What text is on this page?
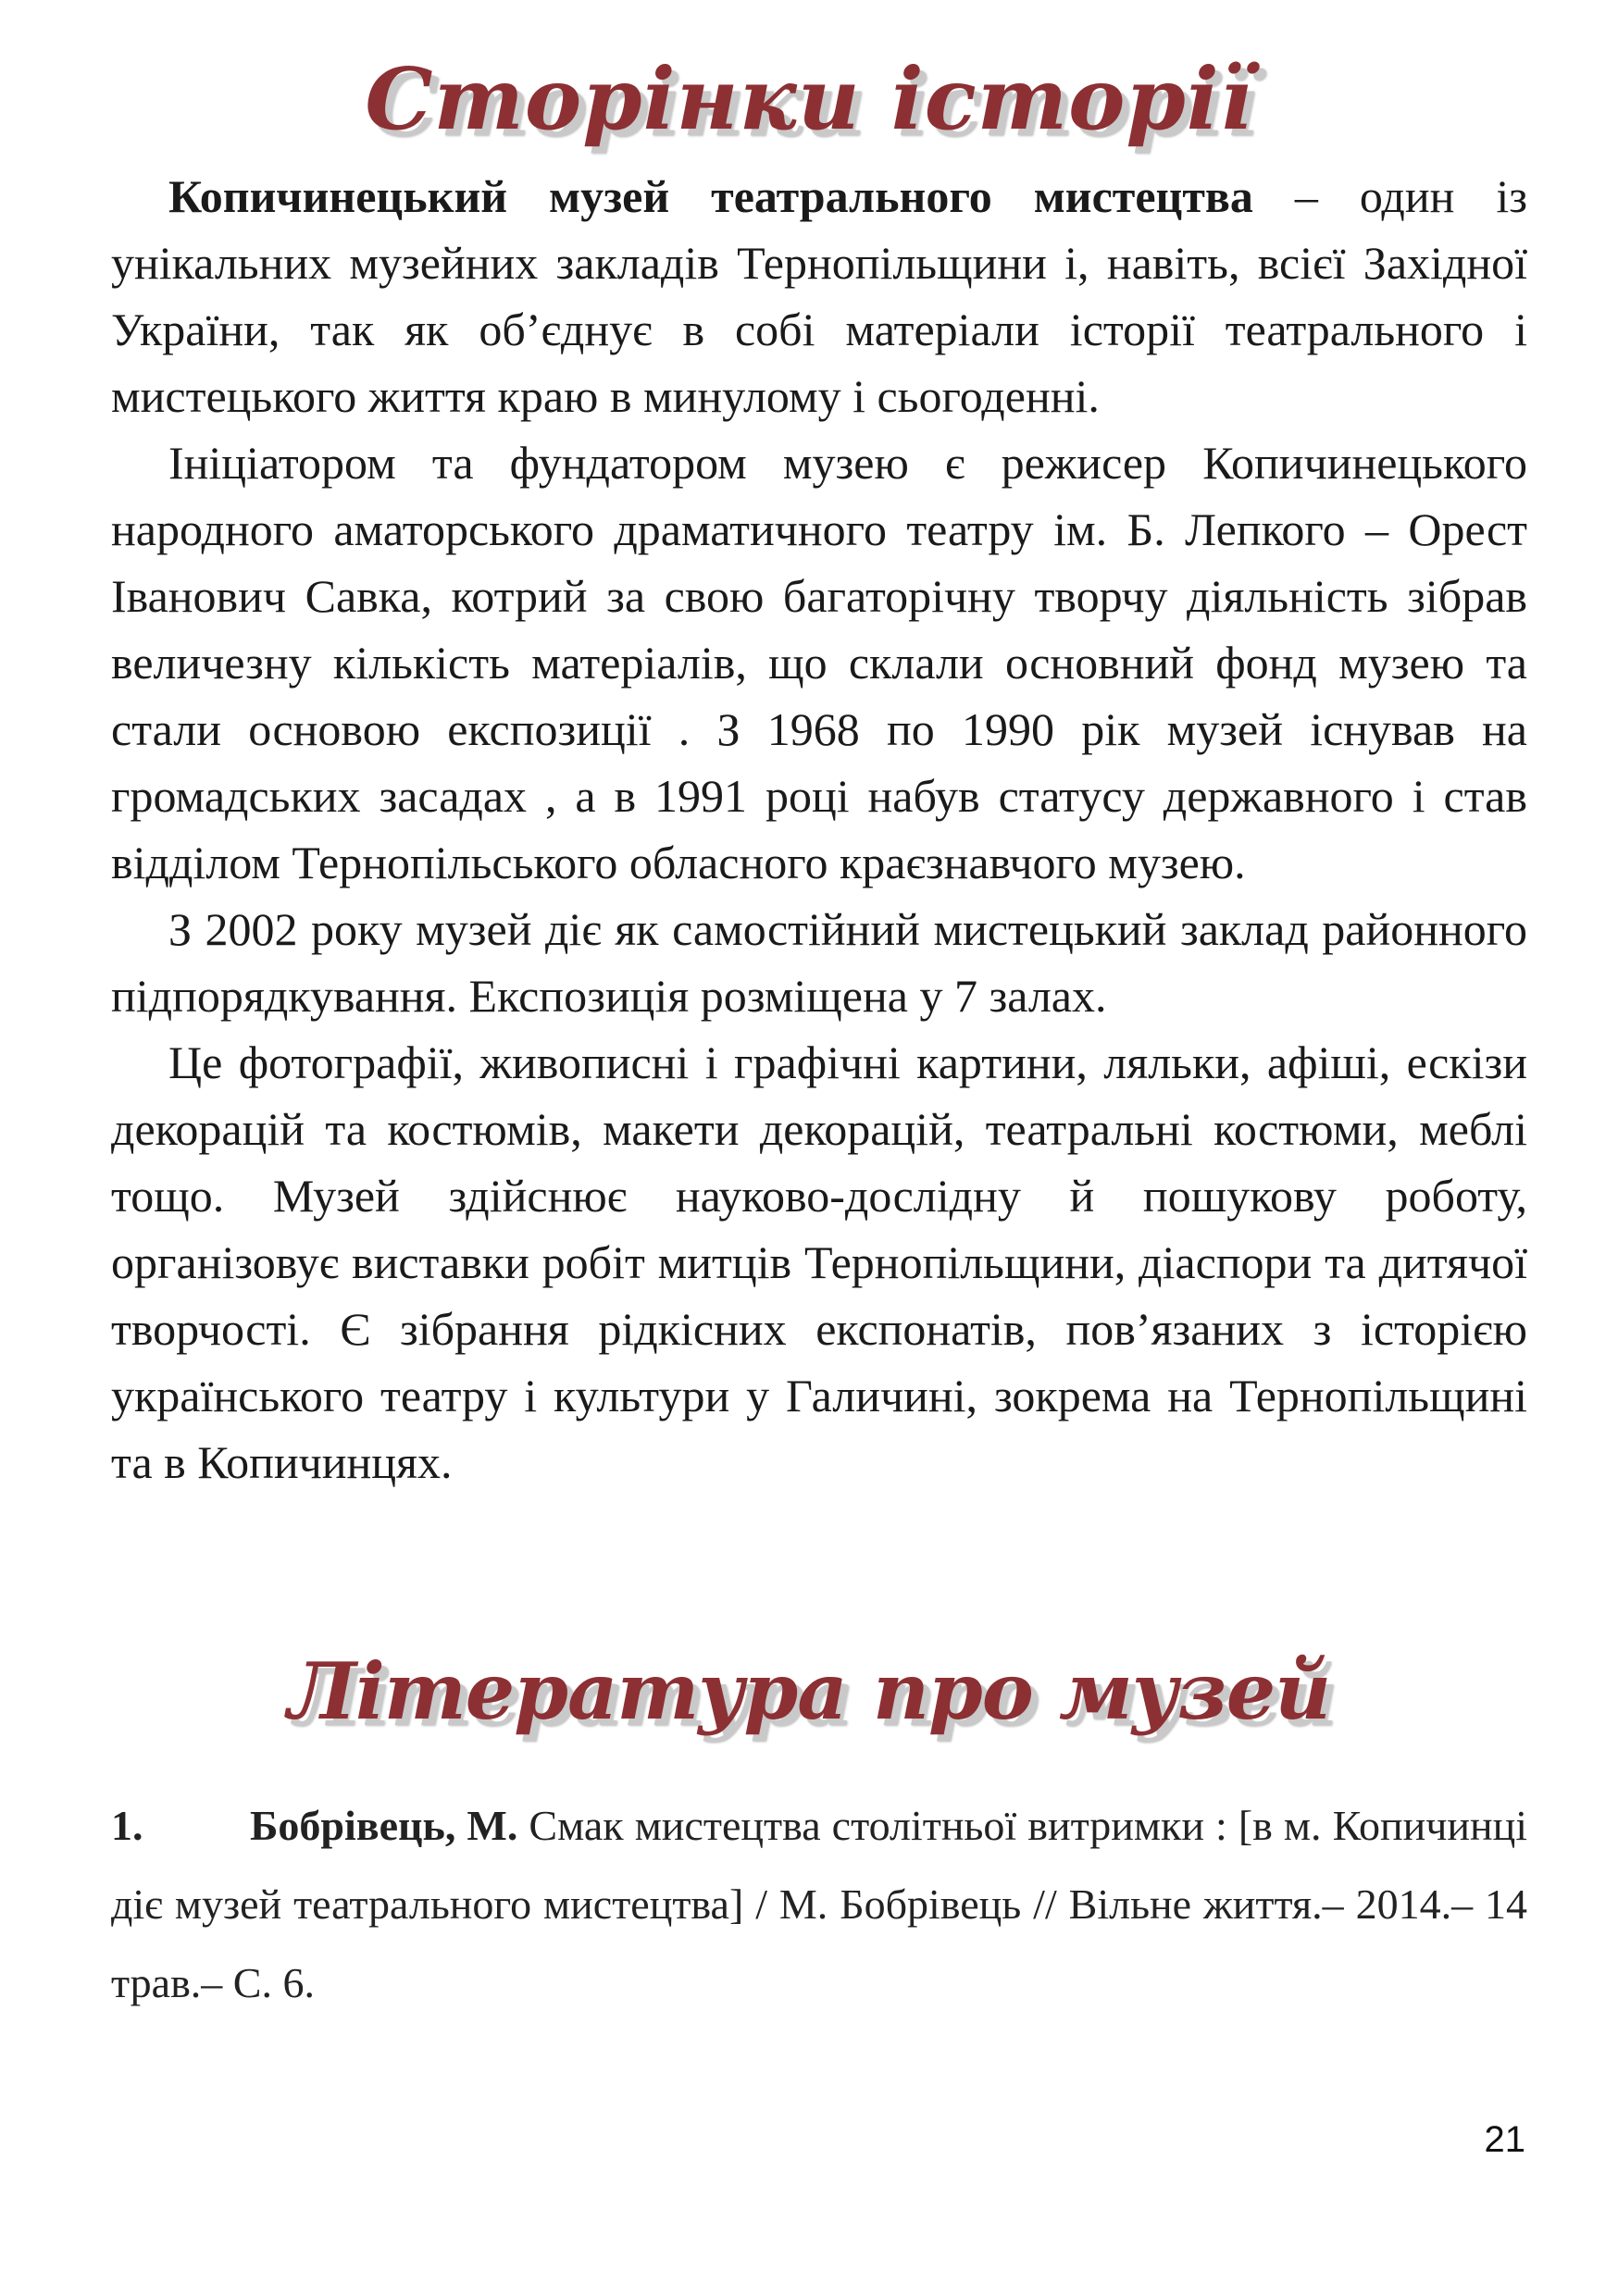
Сторінки історії

Копичинецький музей театрального мистецтва – один із унікальних музейних закладів Тернопільщини і, навіть, всієї Західної України, так як об’єднує в собі матеріали історії театрального і мистецького життя краю в минулому і сьогоденні.

Ініціатором та фундатором музею є режисер Копичинецького народного аматорського драматичного театру ім. Б. Лепкого – Орест Іванович Савка, котрий за свою багаторічну творчу діяльність зібрав величезну кількість матеріалів, що склали основний фонд музею та стали основою експозиції . З 1968 по 1990 рік музей існував на громадських засадах , а в 1991 році набув статусу державного і став відділом Тернопільського обласного краєзнавчого музею.

З 2002 року музей діє як самостійний мистецький заклад районного підпорядкування. Експозиція розміщена у 7 залах.

Це фотографії, живописні і графічні картини, ляльки, афіші, ескізи декорацій та костюмів, макети декорацій, театральні костюми, меблі тощо. Музей здійснює науково-дослідну й пошукову роботу, організовує виставки робіт митців Тернопільщини, діаспори та дитячої творчості. Є зібрання рідкісних експонатів, пов’язаних з історією українського театру і культури у Галичині, зокрема на Тернопільщині та в Копичинцях.

Література про музей
1.	Бобрівець, М. Смак мистецтва столітньої витримки : [в м. Копичинці діє музей театрального мистецтва] / М. Бобрівець // Вільне життя.– 2014.– 14 трав.– С. 6.
21
